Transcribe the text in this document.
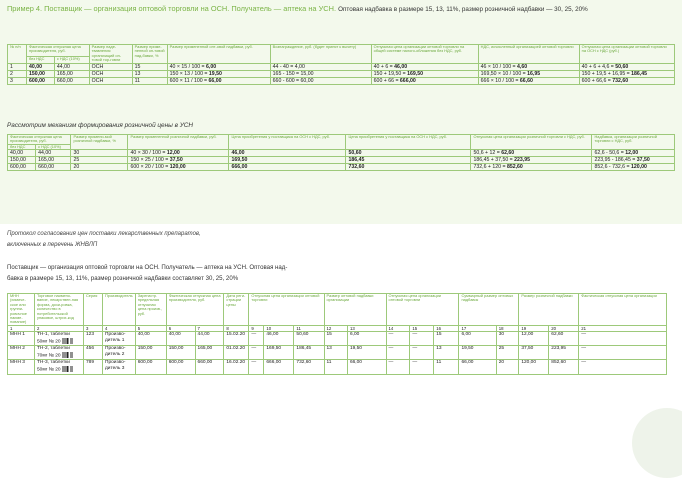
Пример 4. Поставщик — организация оптовой торговли на ОСН. Получатель — аптека на УСН. Оптовая надбавка в размере 15, 13, 11%, размер розничной надбавки — 30, 25, 20%
№ п/п	Фактическая отпускная цена производителя, руб.		Размер наде-твавления организаций оп-товой тор-говли	Размер приме-ненной оп-товой над-бавки, %	Размер примененной опт-овой надбавки, руб.	Вознаграждение, руб. (будет принят к вычету)	Отпускная цена организации оптовой торговли на общей системе налого-обложения без НДС, руб.	НДС, исчисленный организацией оптовой торговли	Отпускная цена организации оптовой торговли на ОСН с НДС (руб.)
	без НДС	с НДС (10%)							
1	40,00	44,00	ОСН	15	40 × 15 / 100 = 6,00	44 - 40 = 4,00	40 + 6 = 46,00	46 × 10 / 100 = 4,60	40 + 6 + 4,6 = 50,60
2	150,00	165,00	ОСН	13	150 × 13 / 100 = 19,50	165 - 150 = 15,00	150 + 19,50 = 169,50	169,50 × 10 / 100 = 16,95	150 + 19,5 + 16,95 = 186,45
3	600,00	660,00	ОСН	11	600 × 11 / 100 = 66,00	660 - 600 = 60,00	600 + 66 = 666,00	666 × 10 / 100 = 66,60	600 + 66,6 = 732,60
Рассмотрим механизм формирования розничной цены в УСН
Фактическая отпускная цена производителя, руб.		Размер примени-мой розничной надбавки, %	Размер примененной розничной надбавки, руб.	Цена приобретения у поставщика на ОСН с НДС, руб.	Цена приобретения у поставщика на ОСН с НДС, руб.	Отпускная цена организации розничной торговли с НДС, руб.	Надбавка, организации розничной торговли с НДС, руб.
без НДС	с НДС (10%)						
40,00	44,00	30	40 × 30 / 100 = 12,00	46,00	50,60	50,6 + 12 = 62,60	62,6 - 50,6 = 12,00
150,00	165,00	25	150 × 25 / 100 = 37,50	169,50	186,45	186,45 + 37,50 = 223,95	223,95 - 186,45 = 37,50
600,00	660,00	20	600 × 20 / 100 = 120,00	666,00	732,60	732,6 + 120 = 852,60	852,6 - 732,6 = 120,00
Протокол согласования цен поставки лекарственных препаратов,
включенных в перечень ЖНВЛП
Поставщик — организация оптовой торговли на ОСН. Получатель — аптека на УСН. Оптовая над-
бавка в размере 15, 13, 11%, размер розничной надбавки составляет 30, 25, 20%
МНН (химиче-ское или группи-ровочное наиме-нование)	Торговое наимено-вание, лекарствен-ная форма, дози-ровка, количество в потребительской упаковке, штрих-код	Серия	Производитель	Зарегистр. предельная отпускная цена произв., руб.	Фактическая отпускная цена производителя, руб.		Дата реги-страции цены	Отпускная цена организации оптовой торговли			Размер оптовой надбавки организации		Отпускная цена организации оптовой торговли			Суммарный размер оптовых надбавок		Размер розничной надбавки		Фактическая отпускная цена организации
1	2	3	4	5	6	7	8	9	10	11	12	13	14	15	16	17	18	19	20	21
МНН 1	ТН-1, таблетки 50мг № 20	123	Произво-дитель 1	40,00	40,00	44,00	15.02.20	—	46,00	50,60	15	6,00	—	—	15	6,00	30	12,00	62,60	—
МНН 2	ТН-2, таблетки 70мг № 20	456	Произво-дитель 2	150,00	150,00	165,00	01.02.20	—	169,50	186,45	13	19,50	—	—	13	19,50	25	37,50	223,95	—
МНН 3	ТН-3, таблетки 50мг № 20	789	Произво-дитель 3	600,00	600,00	660,00	16.02.20	—	666,00	732,60	11	66,00	—	—	11	66,00	20	120,00	852,60	—
